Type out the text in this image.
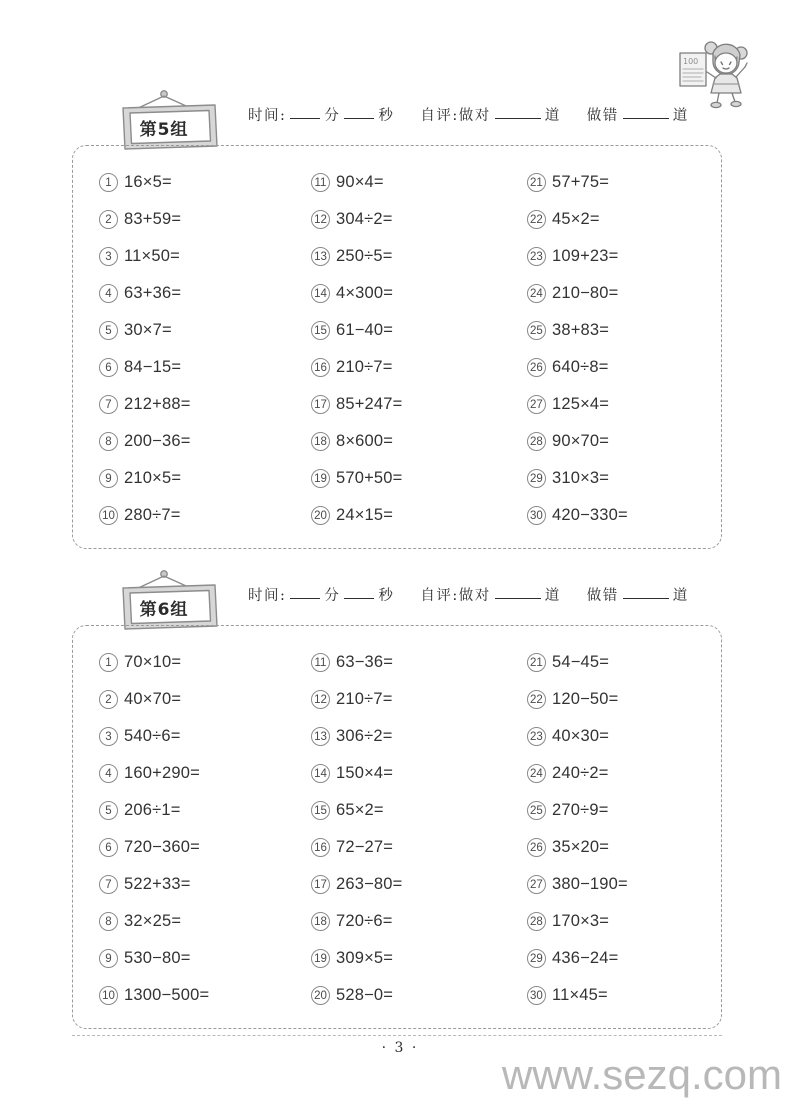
100
第5组
时间:	分	秒 自评: 做对	道 做错	道
1 16×5=
2 83+59=
3 11×50=
4 63+36=
5 30×7=
6 84−15=
7 212+88=
8 200−36=
9 210×5=
10 280÷7=
11 90×4=
12 304÷2=
13 250÷5=
14 4×300=
15 61−40=
16 210÷7=
17 85+247=
18 8×600=
19 570+50=
20 24×15=
21 57+75=
22 45×2=
23 109+23=
24 210−80=
25 38+83=
26 640÷8=
27 125×4=
28 90×70=
29 310×3=
30 420−330=
第6组
时间:	分	秒 自评: 做对	道 做错	道
1 70×10=
2 40×70=
3 540÷6=
4 160+290=
5 206÷1=
6 720−360=
7 522+33=
8 32×25=
9 530−80=
10 1300−500=
11 63−36=
12 210÷7=
13 306÷2=
14 150×4=
15 65×2=
16 72−27=
17 263−80=
18 720÷6=
19 309×5=
20 528−0=
21 54−45=
22 120−50=
23 40×30=
24 240÷2=
25 270÷9=
26 35×20=
27 380−190=
28 170×3=
29 436−24=
30 11×45=
· 3 ·
www.sezq.com
